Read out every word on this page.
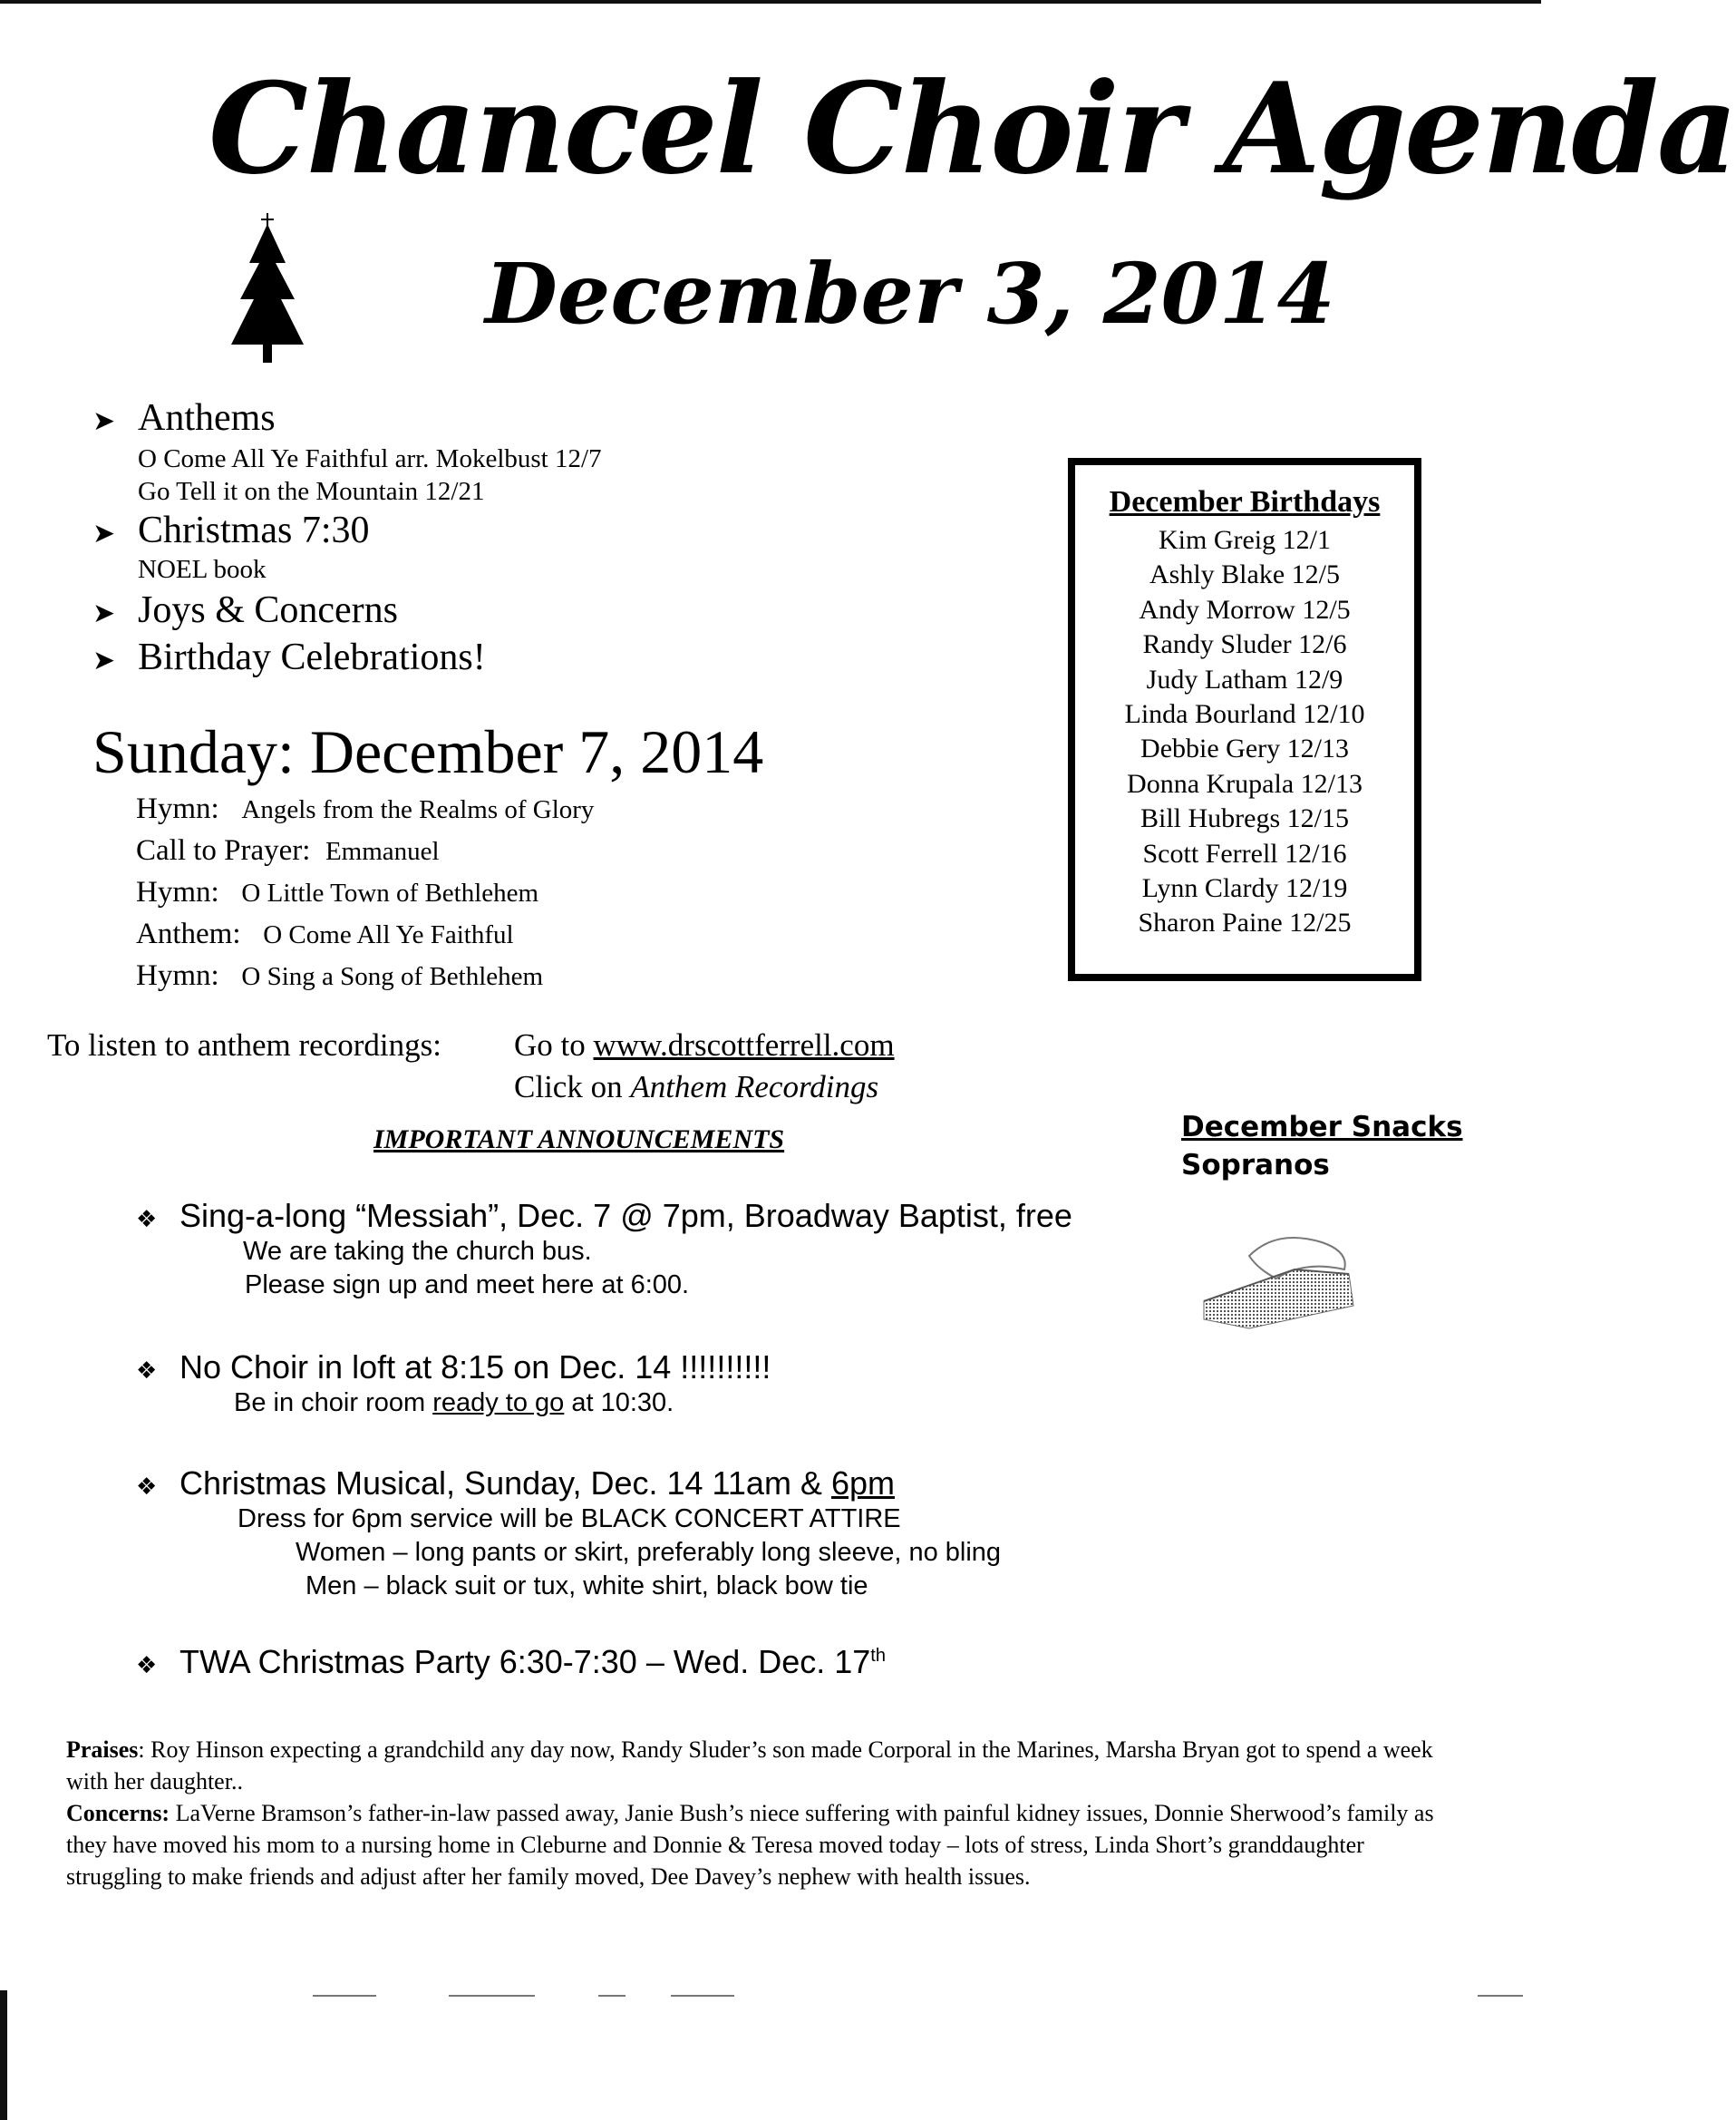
Chancel Choir Agenda
December 3, 2014
➤ Anthems
O Come All Ye Faithful arr. Mokelbust 12/7
Go Tell it on the Mountain 12/21
➤ Christmas 7:30
NOEL book
➤ Joys & Concerns
➤ Birthday Celebrations!
Sunday: December 7, 2014
Hymn: Angels from the Realms of Glory
Call to Prayer: Emmanuel
Hymn: O Little Town of Bethlehem
Anthem: O Come All Ye Faithful
Hymn: O Sing a Song of Bethlehem
December Birthdays
Kim Greig 12/1
Ashly Blake 12/5
Andy Morrow 12/5
Randy Sluder 12/6
Judy Latham 12/9
Linda Bourland 12/10
Debbie Gery 12/13
Donna Krupala 12/13
Bill Hubregs 12/15
Scott Ferrell 12/16
Lynn Clardy 12/19
Sharon Paine 12/25
To listen to anthem recordings: Go to www.drscottferrell.com
Click on Anthem Recordings
IMPORTANT ANNOUNCEMENTS	December Snacks
Sopranos
❖ Sing-a-long “Messiah”, Dec. 7 @ 7pm, Broadway Baptist, free
We are taking the church bus.
Please sign up and meet here at 6:00.
❖ No Choir in loft at 8:15 on Dec. 14 !!!!!!!!!!
Be in choir room ready to go at 10:30.
❖ Christmas Musical, Sunday, Dec. 14 11am & 6pm
Dress for 6pm service will be BLACK CONCERT ATTIRE
Women – long pants or skirt, preferably long sleeve, no bling
Men – black suit or tux, white shirt, black bow tie
❖ TWA Christmas Party 6:30-7:30 – Wed. Dec. 17th
Praises: Roy Hinson expecting a grandchild any day now, Randy Sluder’s son made Corporal in the Marines, Marsha Bryan got to spend a week with her daughter..
Concerns: LaVerne Bramson’s father-in-law passed away, Janie Bush’s niece suffering with painful kidney issues, Donnie Sherwood’s family as they have moved his mom to a nursing home in Cleburne and Donnie & Teresa moved today – lots of stress, Linda Short’s granddaughter struggling to make friends and adjust after her family moved, Dee Davey’s nephew with health issues.
